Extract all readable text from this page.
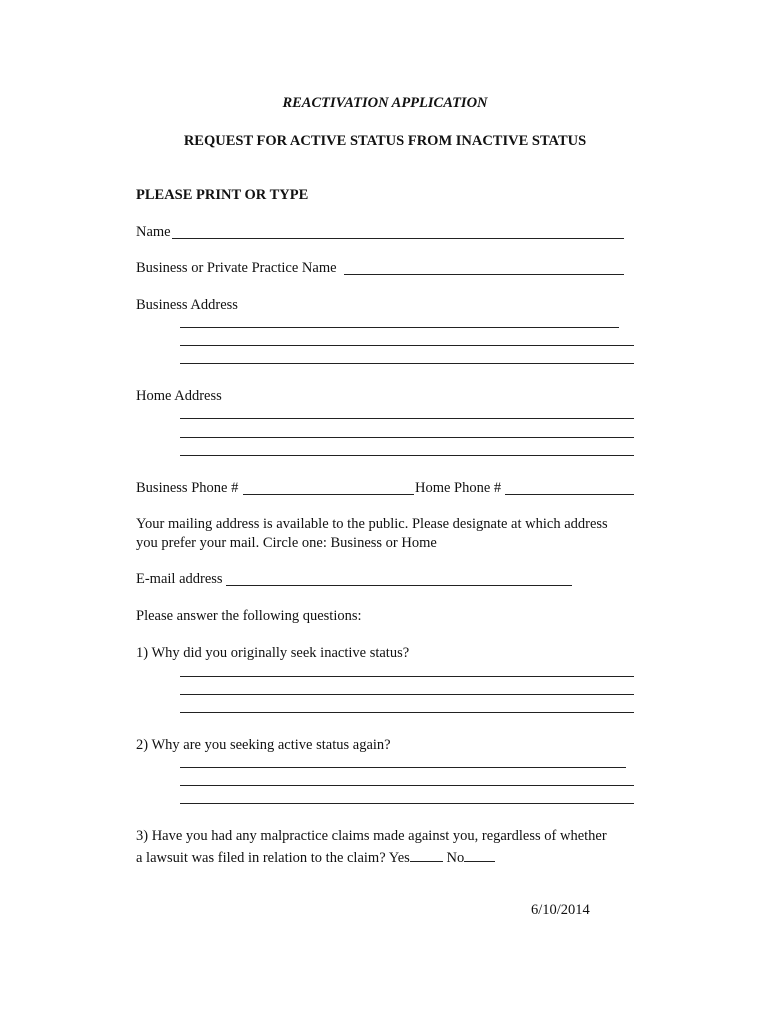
REACTIVATION APPLICATION
REQUEST FOR ACTIVE STATUS FROM INACTIVE STATUS
PLEASE PRINT OR TYPE
Name
Business or Private Practice Name
Business Address
Home Address
Business Phone #	Home Phone #
Your mailing address is available to the public. Please designate at which address
you prefer your mail. Circle one: Business or Home
E-mail address
Please answer the following questions:
1) Why did you originally seek inactive status?
2) Why are you seeking active status again?
3) Have you had any malpractice claims made against you, regardless of whether
a lawsuit was filed in relation to the claim? Yes	No
6/10/2014
